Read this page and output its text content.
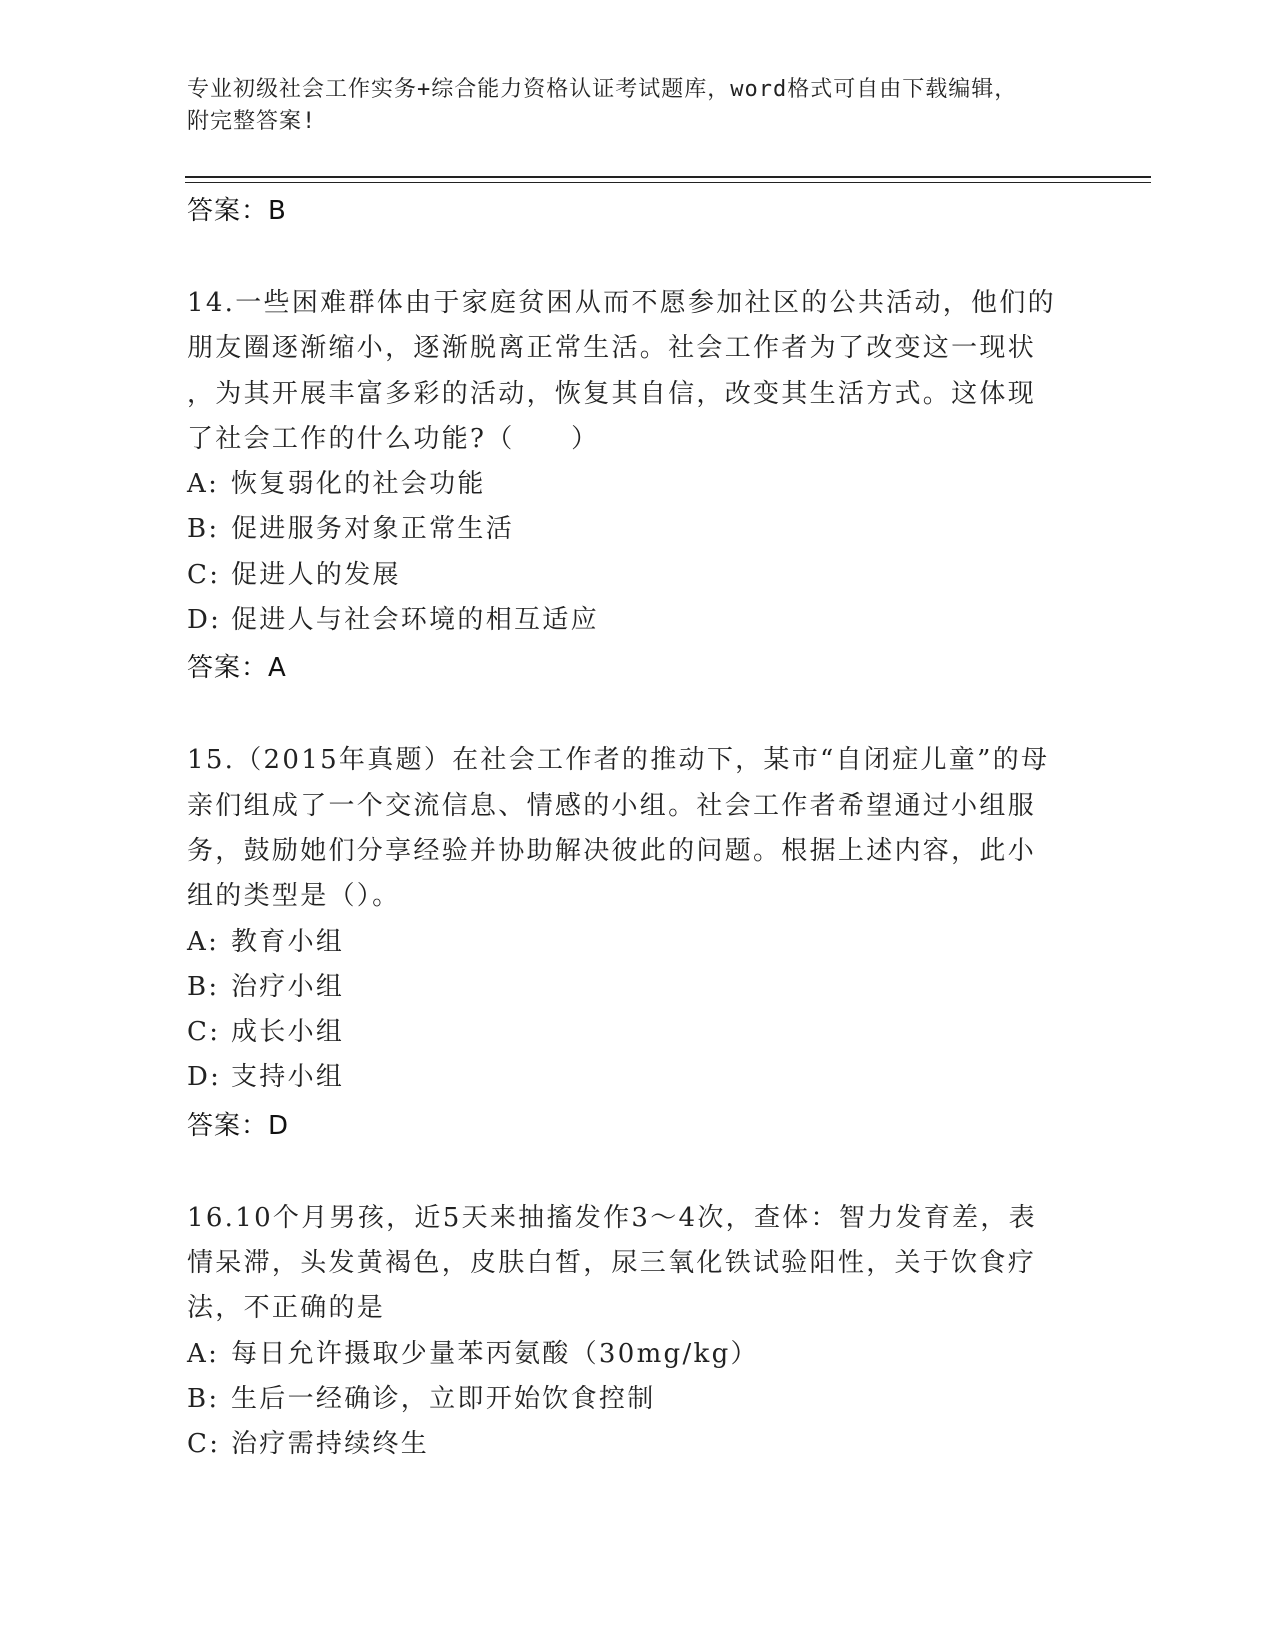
专业初级社会工作实务+综合能力资格认证考试题库，word格式可自由下载编辑，
附完整答案!
答案：B
14.一些困难群体由于家庭贫困从而不愿参加社区的公共活动，他们的
朋友圈逐渐缩小，逐渐脱离正常生活。社会工作者为了改变这一现状
，为其开展丰富多彩的活动，恢复其自信，改变其生活方式。这体现
了社会工作的什么功能?（　　）
A: 恢复弱化的社会功能
B: 促进服务对象正常生活
C: 促进人的发展
D: 促进人与社会环境的相互适应
答案：A
15.（2015年真题）在社会工作者的推动下，某市“自闭症儿童”的母
亲们组成了一个交流信息、情感的小组。社会工作者希望通过小组服
务，鼓励她们分享经验并协助解决彼此的问题。根据上述内容，此小
组的类型是（）。
A: 教育小组
B: 治疗小组
C: 成长小组
D: 支持小组
答案：D
16.10个月男孩，近5天来抽搐发作3～4次，查体：智力发育差，表
情呆滞，头发黄褐色，皮肤白皙，尿三氧化铁试验阳性，关于饮食疗
法，不正确的是
A: 每日允许摄取少量苯丙氨酸（30mg/kg）
B: 生后一经确诊，立即开始饮食控制
C: 治疗需持续终生
